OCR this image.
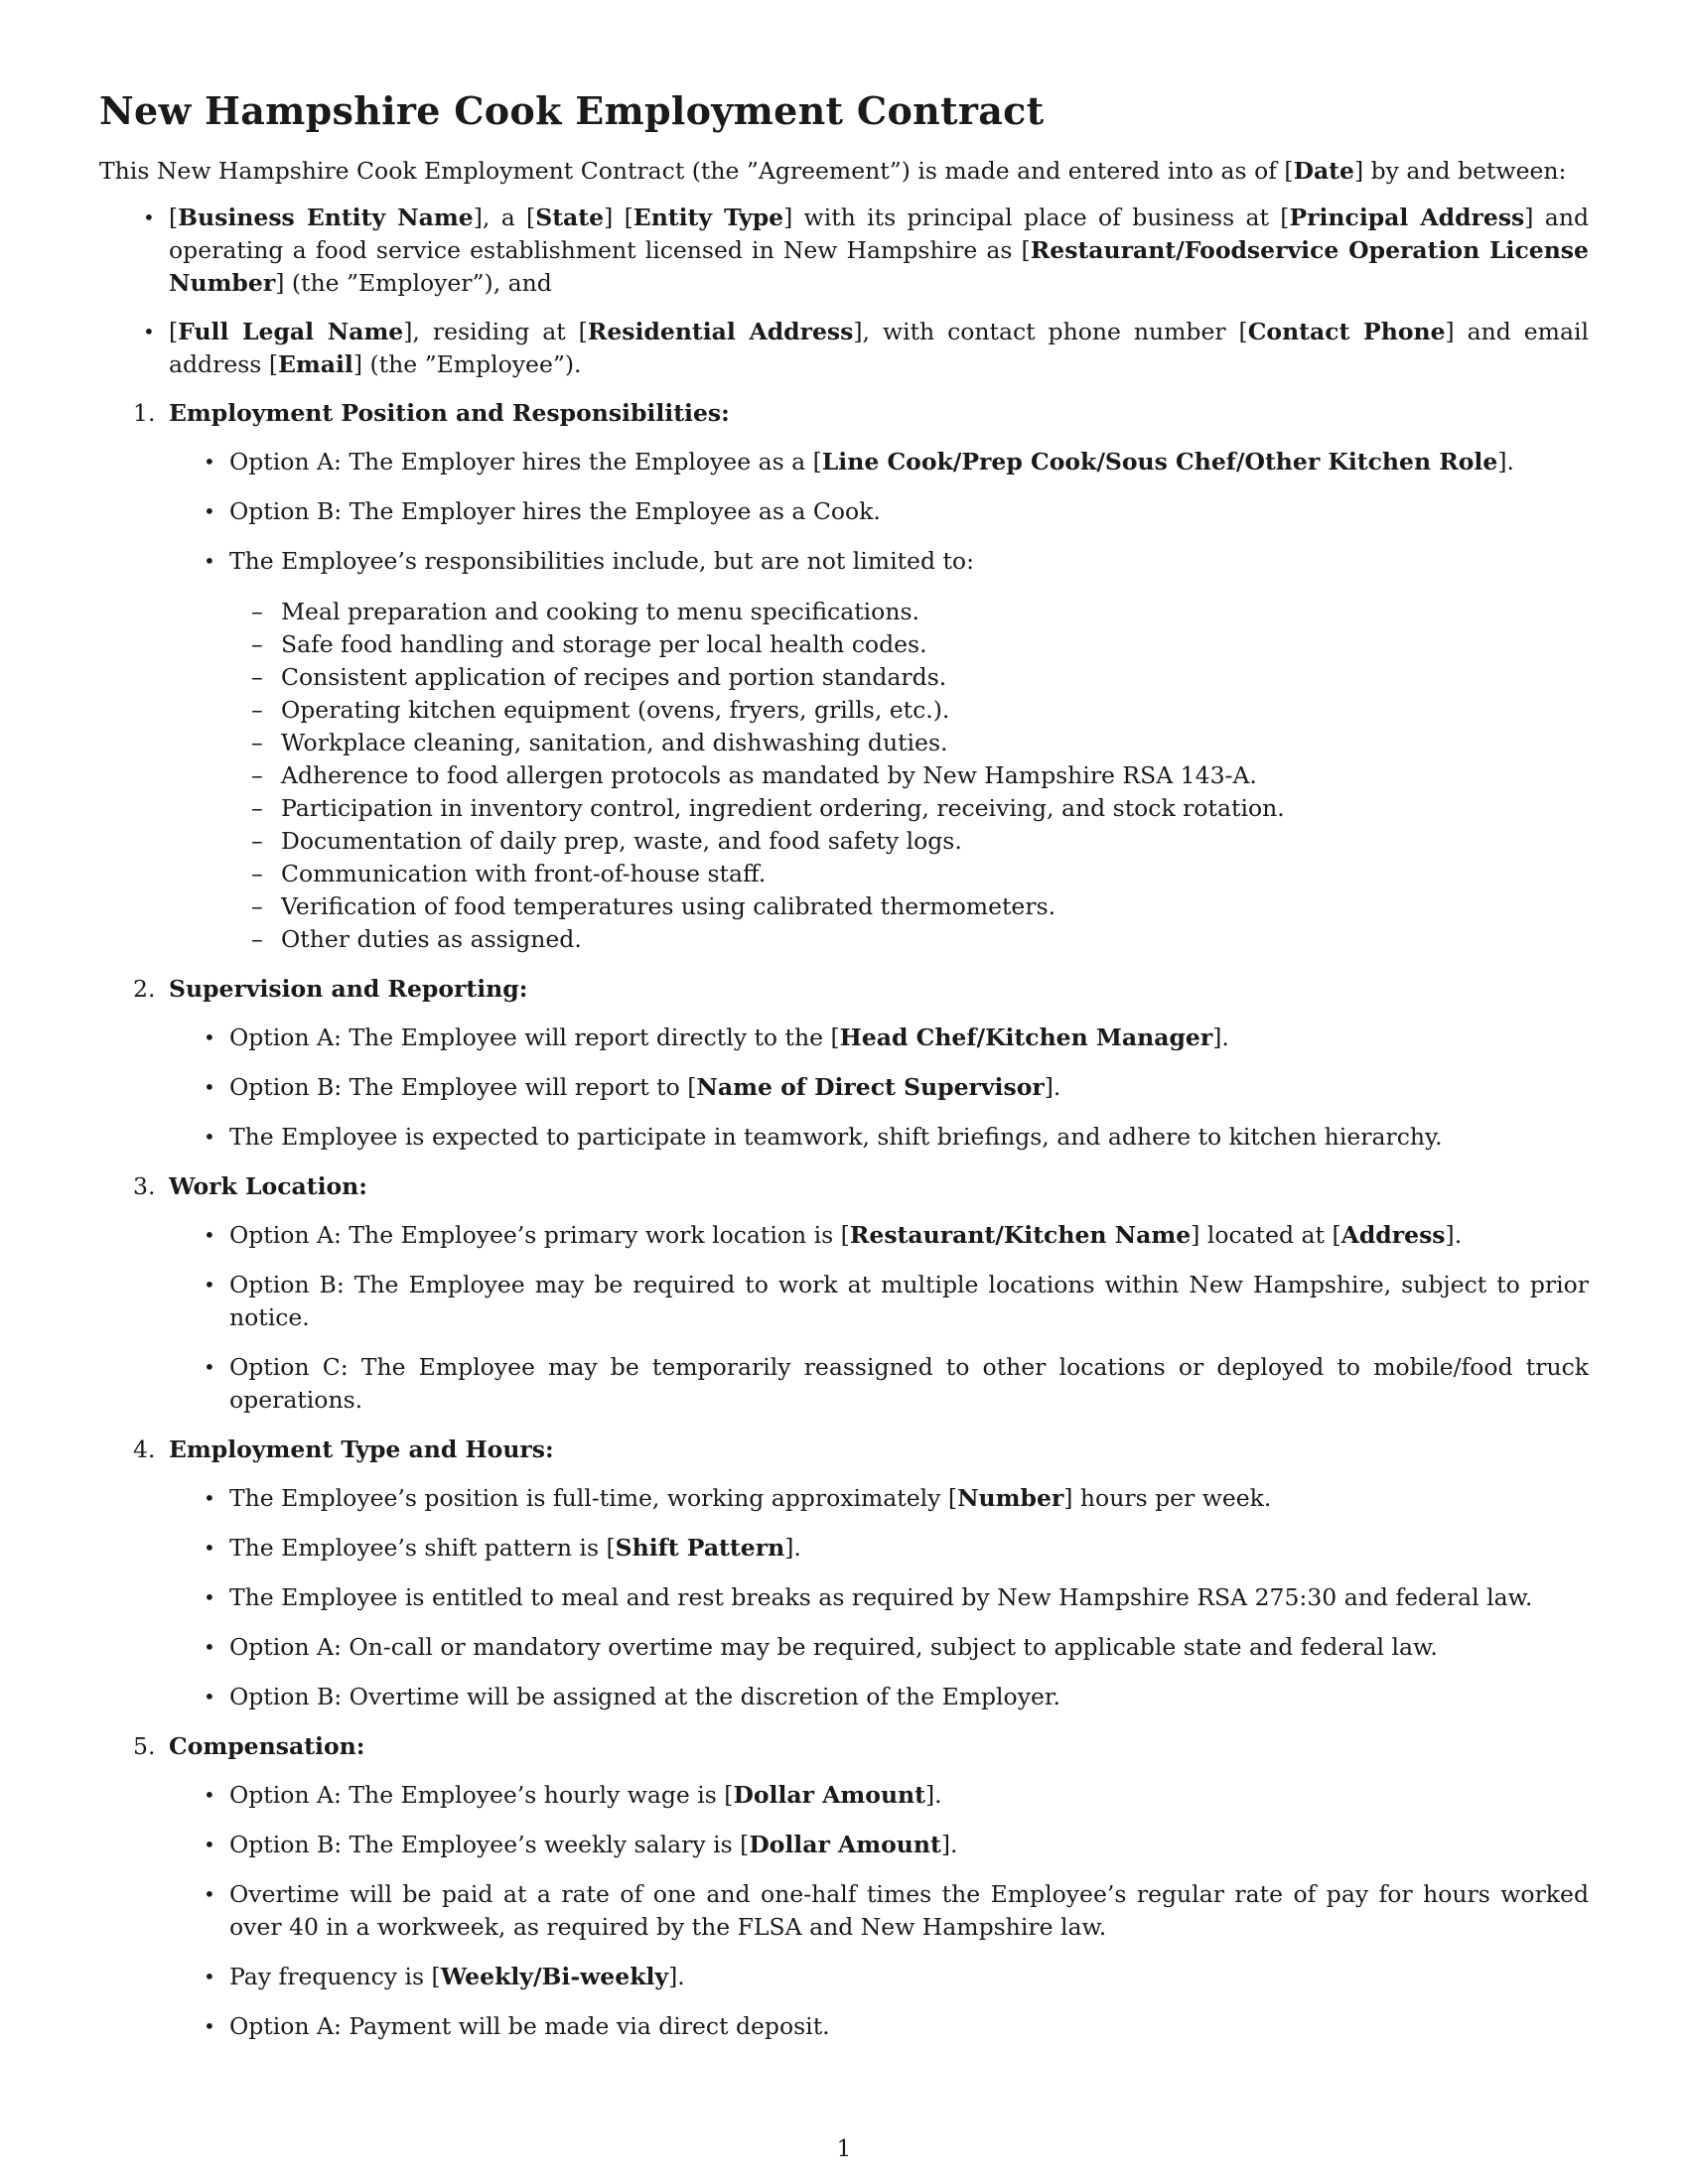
New Hampshire Cook Employment Contract

This New Hampshire Cook Employment Contract (the ”Agreement”) is made and entered into as of [Date] by and between:

• [Business Entity Name], a [State] [Entity Type] with its principal place of business at [Principal Address] and operating a food service establishment licensed in New Hampshire as [Restaurant/Foodservice Operation License Number] (the ”Employer”), and
• [Full Legal Name], residing at [Residential Address], with contact phone number [Contact Phone] and email address [Email] (the ”Employee”).
1. Employment Position and Responsibilities:
• Option A: The Employer hires the Employee as a [Line Cook/Prep Cook/Sous Chef/Other Kitchen Role].
• Option B: The Employer hires the Employee as a Cook.
• The Employee’s responsibilities include, but are not limited to:
– Meal preparation and cooking to menu specifications.
– Safe food handling and storage per local health codes.
– Consistent application of recipes and portion standards.
– Operating kitchen equipment (ovens, fryers, grills, etc.).
– Workplace cleaning, sanitation, and dishwashing duties.
– Adherence to food allergen protocols as mandated by New Hampshire RSA 143-A.
– Participation in inventory control, ingredient ordering, receiving, and stock rotation.
– Documentation of daily prep, waste, and food safety logs.
– Communication with front-of-house staff.
– Verification of food temperatures using calibrated thermometers.
– Other duties as assigned.
2. Supervision and Reporting:
• Option A: The Employee will report directly to the [Head Chef/Kitchen Manager].
• Option B: The Employee will report to [Name of Direct Supervisor].
• The Employee is expected to participate in teamwork, shift briefings, and adhere to kitchen hierarchy.
3. Work Location:
• Option A: The Employee’s primary work location is [Restaurant/Kitchen Name] located at [Address].
• Option B: The Employee may be required to work at multiple locations within New Hampshire, subject to prior notice.
• Option C: The Employee may be temporarily reassigned to other locations or deployed to mobile/food truck operations.
4. Employment Type and Hours:
• The Employee’s position is full-time, working approximately [Number] hours per week.
• The Employee’s shift pattern is [Shift Pattern].
• The Employee is entitled to meal and rest breaks as required by New Hampshire RSA 275:30 and federal law.
• Option A: On-call or mandatory overtime may be required, subject to applicable state and federal law.
• Option B: Overtime will be assigned at the discretion of the Employer.
5. Compensation:
• Option A: The Employee’s hourly wage is [Dollar Amount].
• Option B: The Employee’s weekly salary is [Dollar Amount].
• Overtime will be paid at a rate of one and one-half times the Employee’s regular rate of pay for hours worked over 40 in a workweek, as required by the FLSA and New Hampshire law.
• Pay frequency is [Weekly/Bi-weekly].
• Option A: Payment will be made via direct deposit.
1
